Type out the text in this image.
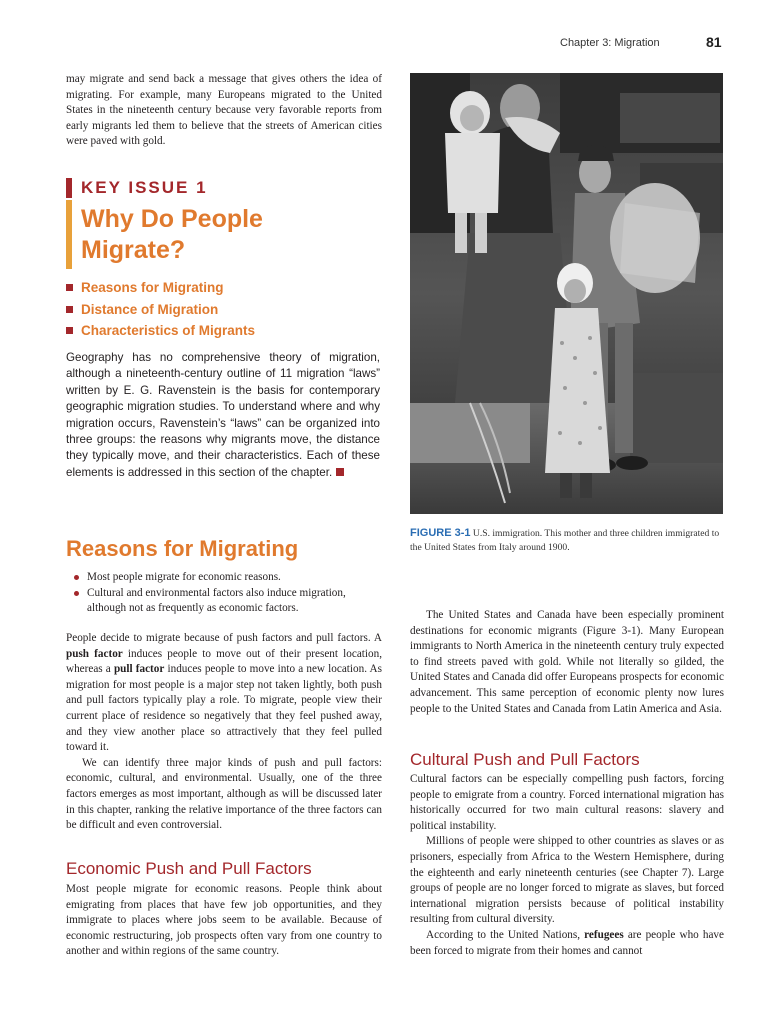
Chapter 3: Migration	81

may migrate and send back a message that gives others the idea of migrating. For example, many Europeans migrated to the United States in the nineteenth century because very favorable reports from early migrants led them to believe that the streets of American cities were paved with gold.

KEY ISSUE 1
Why Do People
Migrate?
Reasons for Migrating
Distance of Migration
Characteristics of Migrants
Geography has no comprehensive theory of migration, although a nineteenth-century outline of 11 migration “laws” written by E. G. Ravenstein is the basis for contemporary geographic migration studies. To understand where and why migration occurs, Ravenstein’s “laws” can be organized into three groups: the reasons why migrants move, the distance they typically move, and their characteristics. Each of these elements is addressed in this section of the chapter.
FIGURE 3-1 U.S. immigration. This mother and three children immigrated to the United States from Italy around 1900.
Reasons for Migrating
Most people migrate for economic reasons.
Cultural and environmental factors also induce migration, although not as frequently as economic factors.

People decide to migrate because of push factors and pull factors. A push factor induces people to move out of their present location, whereas a pull factor induces people to move into a new location. As migration for most people is a major step not taken lightly, both push and pull factors typically play a role. To migrate, people view their current place of residence so negatively that they feel pushed away, and they view another place so attractively that they feel pulled toward it.

We can identify three major kinds of push and pull factors: economic, cultural, and environmental. Usually, one of the three factors emerges as most important, although as will be discussed later in this chapter, ranking the relative importance of the three factors can be difficult and even controversial.

Economic Push and Pull Factors

Most people migrate for economic reasons. People think about emigrating from places that have few job opportunities, and they immigrate to places where jobs seem to be available. Because of economic restructuring, job prospects often vary from one country to another and within regions of the same country.

The United States and Canada have been especially prominent destinations for economic migrants (Figure 3-1). Many European immigrants to North America in the nineteenth century truly expected to find streets paved with gold. While not literally so gilded, the United States and Canada did offer Europeans prospects for economic advancement. This same perception of economic plenty now lures people to the United States and Canada from Latin America and Asia.

Cultural Push and Pull Factors

Cultural factors can be especially compelling push factors, forcing people to emigrate from a country. Forced international migration has historically occurred for two main cultural reasons: slavery and political instability.

Millions of people were shipped to other countries as slaves or as prisoners, especially from Africa to the Western Hemisphere, during the eighteenth and early nineteenth centuries (see Chapter 7). Large groups of people are no longer forced to migrate as slaves, but forced international migration persists because of political instability resulting from cultural diversity.

According to the United Nations, refugees are people who have been forced to migrate from their homes and cannot
